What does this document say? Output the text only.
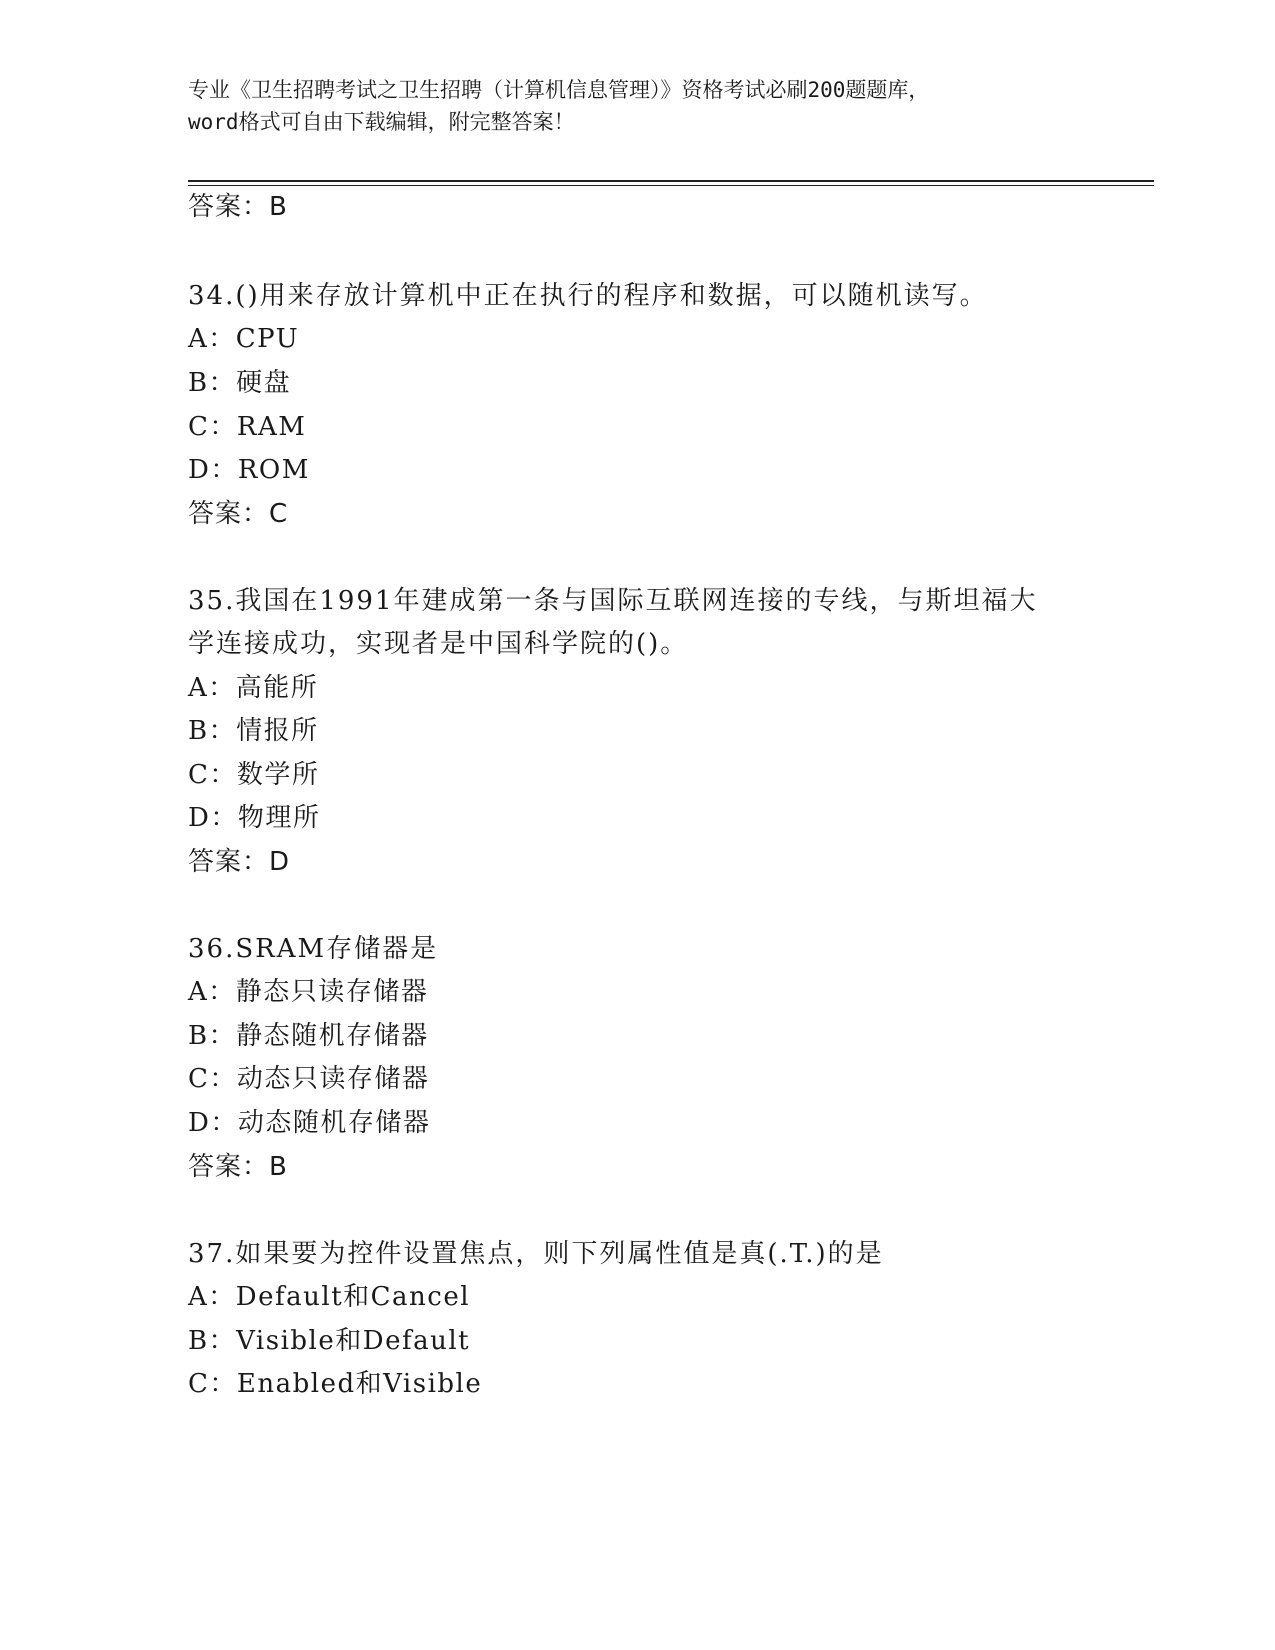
专业《卫生招聘考试之卫生招聘（计算机信息管理）》资格考试必刷200题题库，
word格式可自由下载编辑，附完整答案！
答案：B
34.()用来存放计算机中正在执行的程序和数据，可以随机读写。
A：CPU
B：硬盘
C：RAM
D：ROM
答案：C
35.我国在1991年建成第一条与国际互联网连接的专线，与斯坦福大
学连接成功，实现者是中国科学院的()。
A：高能所
B：情报所
C：数学所
D：物理所
答案：D
36.SRAM存储器是
A：静态只读存储器
B：静态随机存储器
C：动态只读存储器
D：动态随机存储器
答案：B
37.如果要为控件设置焦点，则下列属性值是真(.T.)的是
A：Default和Cancel
B：Visible和Default
C：Enabled和Visible
